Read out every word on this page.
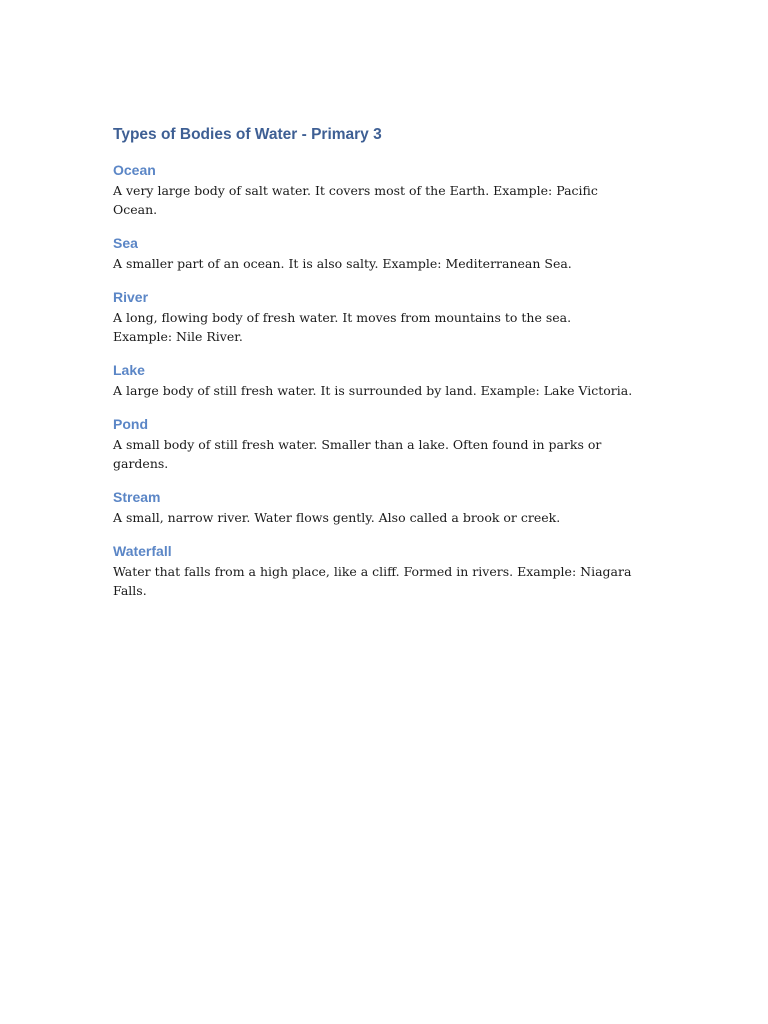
Types of Bodies of Water - Primary 3
Ocean

A very large body of salt water. It covers most of the Earth. Example: Pacific Ocean.

Sea

A smaller part of an ocean. It is also salty. Example: Mediterranean Sea.

River

A long, flowing body of fresh water. It moves from mountains to the sea. Example: Nile River.

Lake

A large body of still fresh water. It is surrounded by land. Example: Lake Victoria.

Pond

A small body of still fresh water. Smaller than a lake. Often found in parks or gardens.

Stream

A small, narrow river. Water flows gently. Also called a brook or creek.

Waterfall

Water that falls from a high place, like a cliff. Formed in rivers. Example: Niagara Falls.
